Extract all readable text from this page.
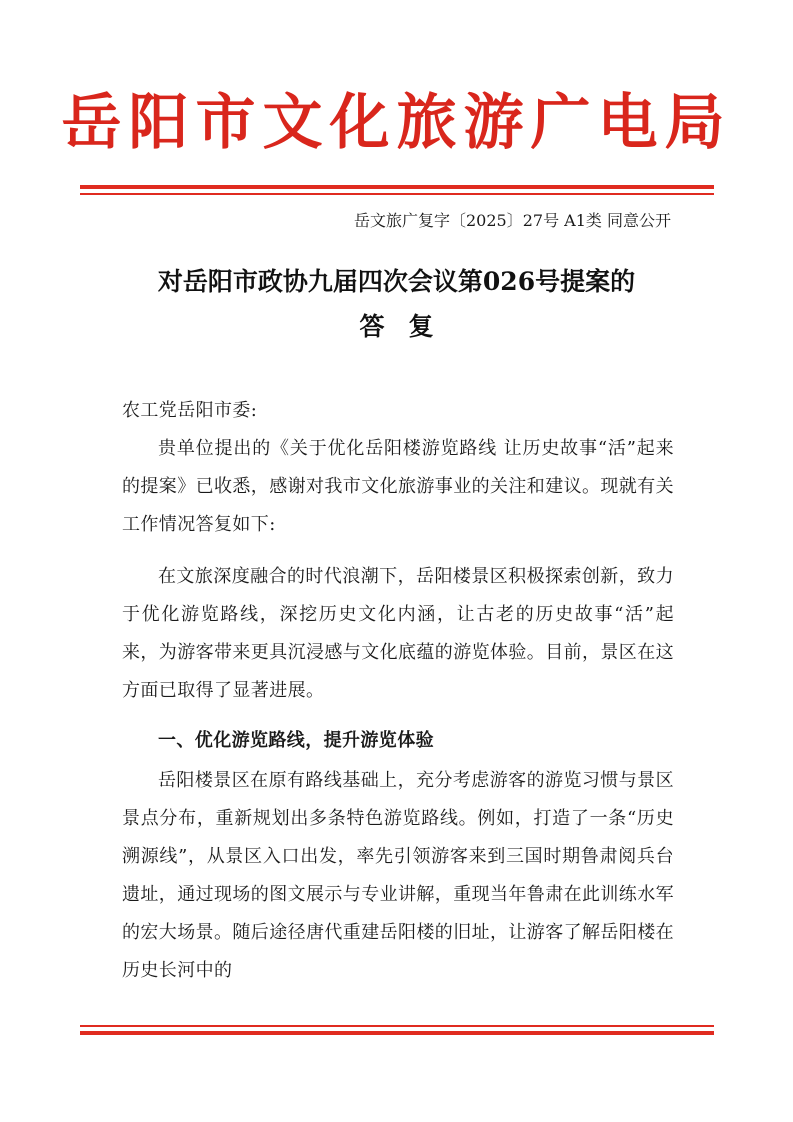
岳阳市文化旅游广电局
岳文旅广复字〔2025〕27号 A1类 同意公开
对岳阳市政协九届四次会议第026号提案的
答复
农工党岳阳市委:
贵单位提出的《关于优化岳阳楼游览路线 让历史故事“活”起来的提案》已收悉，感谢对我市文化旅游事业的关注和建议。现就有关工作情况答复如下:
在文旅深度融合的时代浪潮下，岳阳楼景区积极探索创新，致力于优化游览路线，深挖历史文化内涵，让古老的历史故事“活”起来，为游客带来更具沉浸感与文化底蕴的游览体验。目前，景区在这方面已取得了显著进展。
一、优化游览路线，提升游览体验
岳阳楼景区在原有路线基础上，充分考虑游客的游览习惯与景区景点分布，重新规划出多条特色游览路线。例如，打造了一条“历史溯源线”，从景区入口出发，率先引领游客来到三国时期鲁肃阅兵台遗址，通过现场的图文展示与专业讲解，重现当年鲁肃在此训练水军的宏大场景。随后途径唐代重建岳阳楼的旧址，让游客了解岳阳楼在历史长河中的
